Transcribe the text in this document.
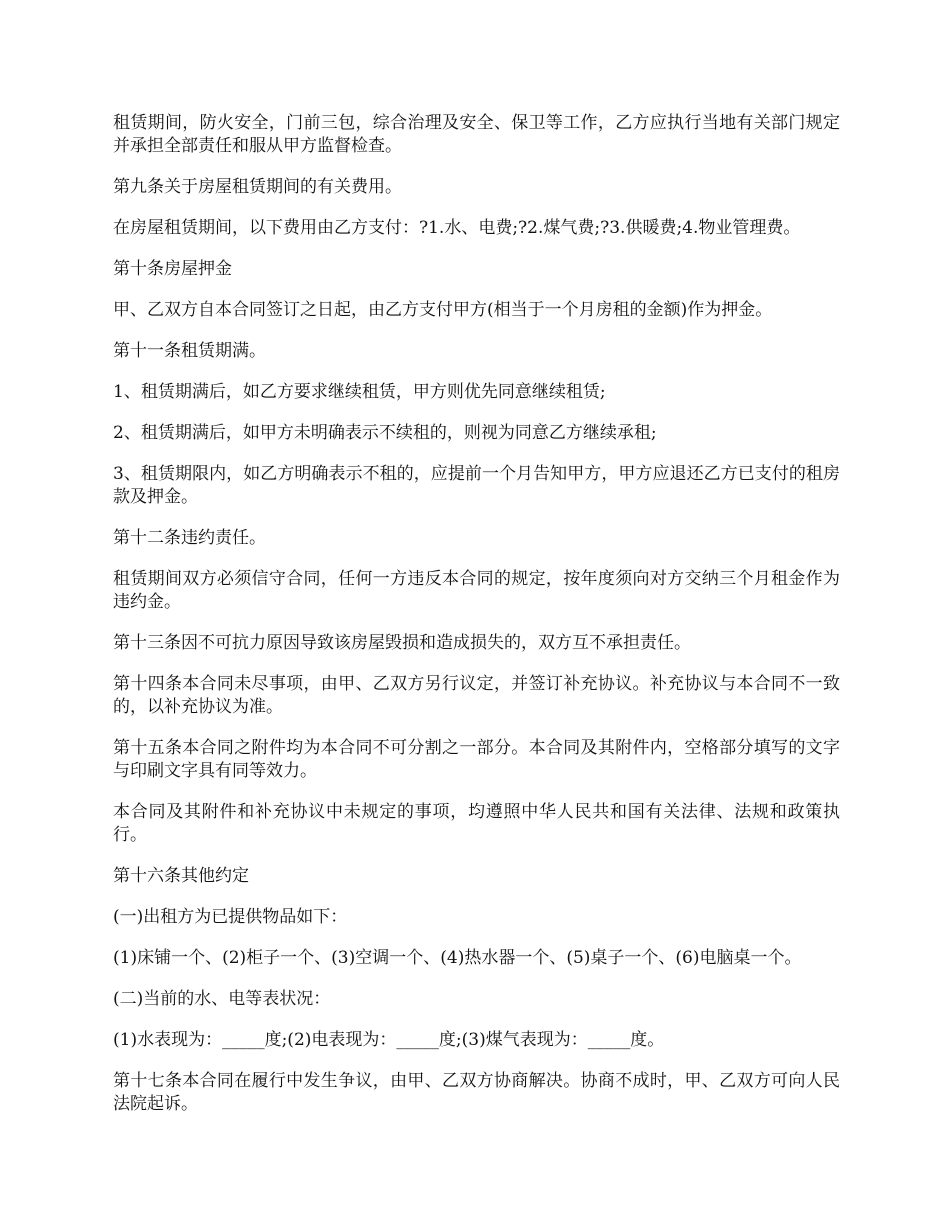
租赁期间，防火安全，门前三包，综合治理及安全、保卫等工作，乙方应执行当地有关部门规定并承担全部责任和服从甲方监督检查。

第九条关于房屋租赁期间的有关费用。

在房屋租赁期间，以下费用由乙方支付：?1.水、电费;?2.煤气费;?3.供暖费;4.物业管理费。

第十条房屋押金

甲、乙双方自本合同签订之日起，由乙方支付甲方(相当于一个月房租的金额)作为押金。

第十一条租赁期满。

1、租赁期满后，如乙方要求继续租赁，甲方则优先同意继续租赁;

2、租赁期满后，如甲方未明确表示不续租的，则视为同意乙方继续承租;

3、租赁期限内，如乙方明确表示不租的，应提前一个月告知甲方，甲方应退还乙方已支付的租房款及押金。

第十二条违约责任。

租赁期间双方必须信守合同，任何一方违反本合同的规定，按年度须向对方交纳三个月租金作为违约金。

第十三条因不可抗力原因导致该房屋毁损和造成损失的，双方互不承担责任。

第十四条本合同未尽事项，由甲、乙双方另行议定，并签订补充协议。补充协议与本合同不一致的，以补充协议为准。

第十五条本合同之附件均为本合同不可分割之一部分。本合同及其附件内，空格部分填写的文字与印刷文字具有同等效力。

本合同及其附件和补充协议中未规定的事项，均遵照中华人民共和国有关法律、法规和政策执行。

第十六条其他约定

(一)出租方为已提供物品如下：

(1)床铺一个、(2)柜子一个、(3)空调一个、(4)热水器一个、(5)桌子一个、(6)电脑桌一个。

(二)当前的水、电等表状况：

(1)水表现为：_____度;(2)电表现为：_____度;(3)煤气表现为：_____度。

第十七条本合同在履行中发生争议，由甲、乙双方协商解决。协商不成时，甲、乙双方可向人民法院起诉。
